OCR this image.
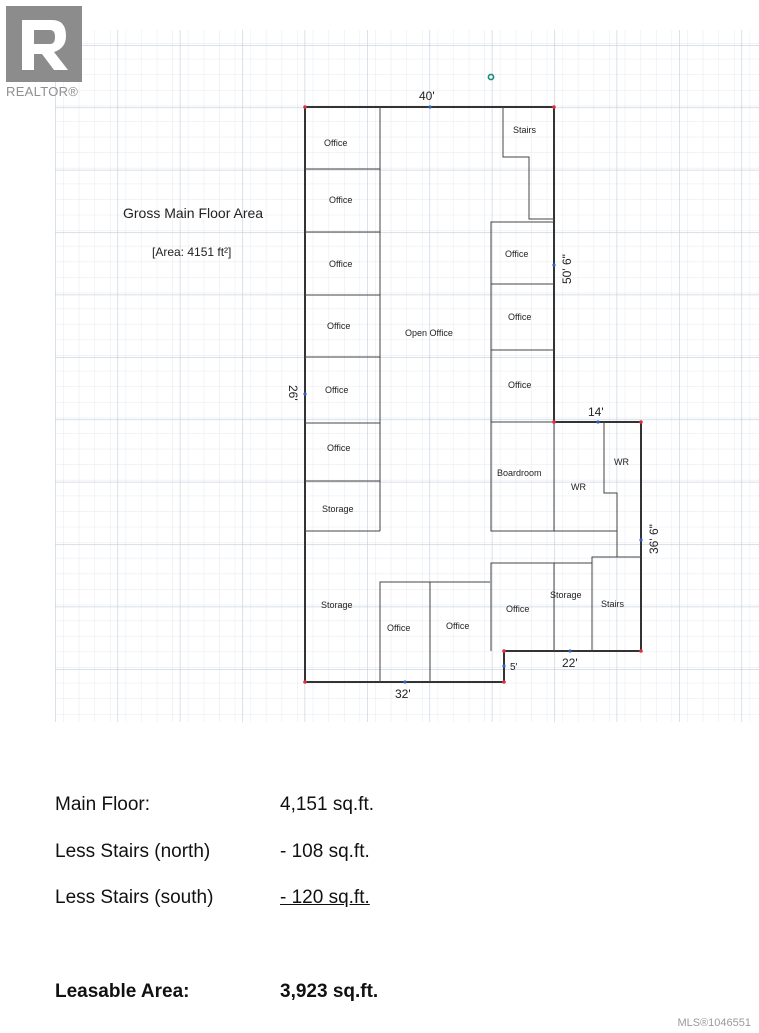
Gross Main Floor Area
[Area: 4151 ft²]
40'
26'
50' 6"
14'
36' 6"
22'
32'
5'
Office
Office
Office
Office
Office
Office
Storage
Storage
Open Office
Stairs
Office
Office
Office
Boardroom
WR
WR
Office	Office
Office
Storage
Stairs
REALTOR®
Main Floor:	4,151 sq.ft.
Less Stairs (north)	- 108 sq.ft.
Less Stairs (south)	- 120 sq.ft.
Leasable Area:	3,923 sq.ft.
MLS®1046551
